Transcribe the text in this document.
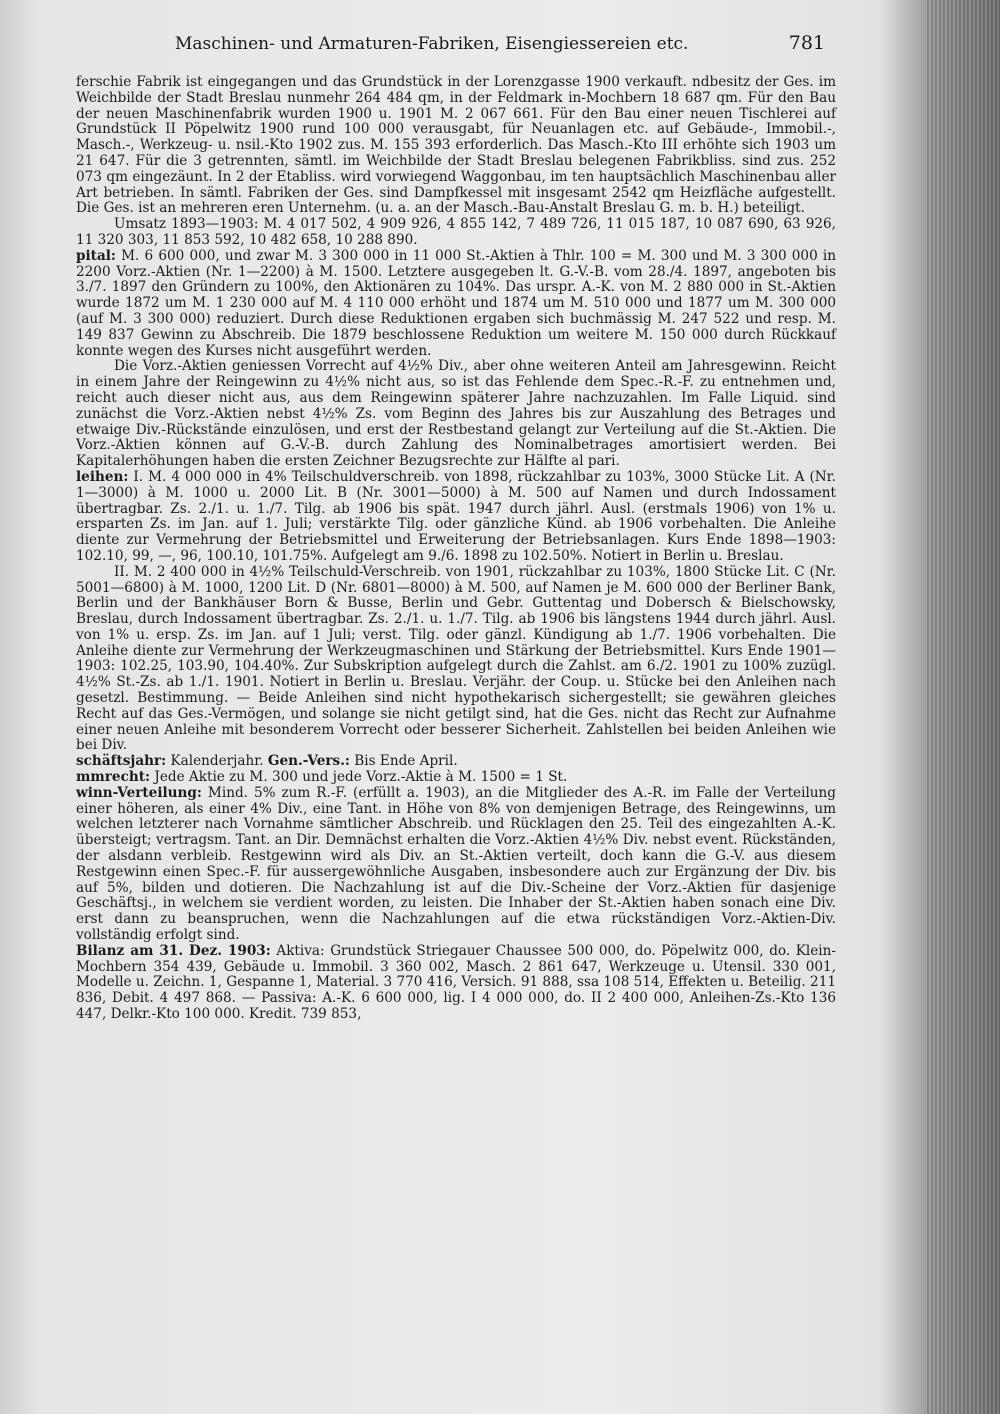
Maschinen- und Armaturen-Fabriken, Eisengiessereien etc.	781

ferschie Fabrik ist eingegangen und das Grundstück in der Lorenzgasse 1900 verkauft. ndbesitz der Ges. im Weichbilde der Stadt Breslau nunmehr 264 484 qm, in der Feldmark in-Mochbern 18 687 qm. Für den Bau der neuen Maschinenfabrik wurden 1900 u. 1901 M. 2 067 661. Für den Bau einer neuen Tischlerei auf Grundstück II Pöpelwitz 1900 rund 100 000 verausgabt, für Neuanlagen etc. auf Gebäude-, Immobil.-, Masch.-, Werkzeug- u. nsil.-Kto 1902 zus. M. 155 393 erforderlich. Das Masch.-Kto III erhöhte sich 1903 um 21 647. Für die 3 getrennten, sämtl. im Weichbilde der Stadt Breslau belegenen Fabrikbliss. sind zus. 252 073 qm eingezäunt. In 2 der Etabliss. wird vorwiegend Waggonbau, im ten hauptsächlich Maschinenbau aller Art betrieben. In sämtl. Fabriken der Ges. sind Dampfkessel mit insgesamt 2542 qm Heizfläche aufgestellt. Die Ges. ist an mehreren eren Unternehm. (u. a. an der Masch.-Bau-Anstalt Breslau G. m. b. H.) beteiligt.

Umsatz 1893—1903: M. 4 017 502, 4 909 926, 4 855 142, 7 489 726, 11 015 187, 10 087 690, 63 926, 11 320 303, 11 853 592, 10 482 658, 10 288 890.

pital: M. 6 600 000, und zwar M. 3 300 000 in 11 000 St.-Aktien à Thlr. 100 = M. 300 und M. 3 300 000 in 2200 Vorz.-Aktien (Nr. 1—2200) à M. 1500. Letztere ausgegeben lt. G.-V.-B. vom 28./4. 1897, angeboten bis 3./7. 1897 den Gründern zu 100%, den Aktionären zu 104%. Das urspr. A.-K. von M. 2 880 000 in St.-Aktien wurde 1872 um M. 1 230 000 auf M. 4 110 000 erhöht und 1874 um M. 510 000 und 1877 um M. 300 000 (auf M. 3 300 000) reduziert. Durch diese Reduktionen ergaben sich buchmässig M. 247 522 und resp. M. 149 837 Gewinn zu Abschreib. Die 1879 beschlossene Reduktion um weitere M. 150 000 durch Rückkauf konnte wegen des Kurses nicht ausgeführt werden.

Die Vorz.-Aktien geniessen Vorrecht auf 4½% Div., aber ohne weiteren Anteil am Jahresgewinn. Reicht in einem Jahre der Reingewinn zu 4½% nicht aus, so ist das Fehlende dem Spec.-R.-F. zu entnehmen und, reicht auch dieser nicht aus, aus dem Reingewinn späterer Jahre nachzuzahlen. Im Falle Liquid. sind zunächst die Vorz.-Aktien nebst 4½% Zs. vom Beginn des Jahres bis zur Auszahlung des Betrages und etwaige Div.-Rückstände einzulösen, und erst der Restbestand gelangt zur Verteilung auf die St.-Aktien. Die Vorz.-Aktien können auf G.-V.-B. durch Zahlung des Nominalbetrages amortisiert werden. Bei Kapitalerhöhungen haben die ersten Zeichner Bezugsrechte zur Hälfte al pari.

leihen: I. M. 4 000 000 in 4% Teilschuldverschreib. von 1898, rückzahlbar zu 103%, 3000 Stücke Lit. A (Nr. 1—3000) à M. 1000 u. 2000 Lit. B (Nr. 3001—5000) à M. 500 auf Namen und durch Indossament übertragbar. Zs. 2./1. u. 1./7. Tilg. ab 1906 bis spät. 1947 durch jährl. Ausl. (erstmals 1906) von 1% u. ersparten Zs. im Jan. auf 1. Juli; verstärkte Tilg. oder gänzliche Künd. ab 1906 vorbehalten. Die Anleihe diente zur Vermehrung der Betriebsmittel und Erweiterung der Betriebsanlagen. Kurs Ende 1898—1903: 102.10, 99, —, 96, 100.10, 101.75%. Aufgelegt am 9./6. 1898 zu 102.50%. Notiert in Berlin u. Breslau.

II. M. 2 400 000 in 4½% Teilschuld-Verschreib. von 1901, rückzahlbar zu 103%, 1800 Stücke Lit. C (Nr. 5001—6800) à M. 1000, 1200 Lit. D (Nr. 6801—8000) à M. 500, auf Namen je M. 600 000 der Berliner Bank, Berlin und der Bankhäuser Born & Busse, Berlin und Gebr. Guttentag und Dobersch & Bielschowsky, Breslau, durch Indossament übertragbar. Zs. 2./1. u. 1./7. Tilg. ab 1906 bis längstens 1944 durch jährl. Ausl. von 1% u. ersp. Zs. im Jan. auf 1 Juli; verst. Tilg. oder gänzl. Kündigung ab 1./7. 1906 vorbehalten. Die Anleihe diente zur Vermehrung der Werkzeugmaschinen und Stärkung der Betriebsmittel. Kurs Ende 1901—1903: 102.25, 103.90, 104.40%. Zur Subskription aufgelegt durch die Zahlst. am 6./2. 1901 zu 100% zuzügl. 4½% St.-Zs. ab 1./1. 1901. Notiert in Berlin u. Breslau. Verjähr. der Coup. u. Stücke bei den Anleihen nach gesetzl. Bestimmung. — Beide Anleihen sind nicht hypothekarisch sichergestellt; sie gewähren gleiches Recht auf das Ges.-Vermögen, und solange sie nicht getilgt sind, hat die Ges. nicht das Recht zur Aufnahme einer neuen Anleihe mit besonderem Vorrecht oder besserer Sicherheit. Zahlstellen bei beiden Anleihen wie bei Div.

schäftsjahr: Kalenderjahr. Gen.-Vers.: Bis Ende April.

mmrecht: Jede Aktie zu M. 300 und jede Vorz.-Aktie à M. 1500 = 1 St.

winn-Verteilung: Mind. 5% zum R.-F. (erfüllt a. 1903), an die Mitglieder des A.-R. im Falle der Verteilung einer höheren, als einer 4% Div., eine Tant. in Höhe von 8% von demjenigen Betrage, des Reingewinns, um welchen letzterer nach Vornahme sämtlicher Abschreib. und Rücklagen den 25. Teil des eingezahlten A.-K. übersteigt; vertragsm. Tant. an Dir. Demnächst erhalten die Vorz.-Aktien 4½% Div. nebst event. Rückständen, der alsdann verbleib. Restgewinn wird als Div. an St.-Aktien verteilt, doch kann die G.-V. aus diesem Restgewinn einen Spec.-F. für aussergewöhnliche Ausgaben, insbesondere auch zur Ergänzung der Div. bis auf 5%, bilden und dotieren. Die Nachzahlung ist auf die Div.-Scheine der Vorz.-Aktien für dasjenige Geschäftsj., in welchem sie verdient worden, zu leisten. Die Inhaber der St.-Aktien haben sonach eine Div. erst dann zu beanspruchen, wenn die Nachzahlungen auf die etwa rückständigen Vorz.-Aktien-Div. vollständig erfolgt sind.

Bilanz am 31. Dez. 1903: Aktiva: Grundstück Striegauer Chaussee 500 000, do. Pöpelwitz 000, do. Klein-Mochbern 354 439, Gebäude u. Immobil. 3 360 002, Masch. 2 861 647, Werkzeuge u. Utensil. 330 001, Modelle u. Zeichn. 1, Gespanne 1, Material. 3 770 416, Versich. 91 888, ssa 108 514, Effekten u. Beteilig. 211 836, Debit. 4 497 868. — Passiva: A.-K. 6 600 000, lig. I 4 000 000, do. II 2 400 000, Anleihen-Zs.-Kto 136 447, Delkr.-Kto 100 000. Kredit. 739 853,
